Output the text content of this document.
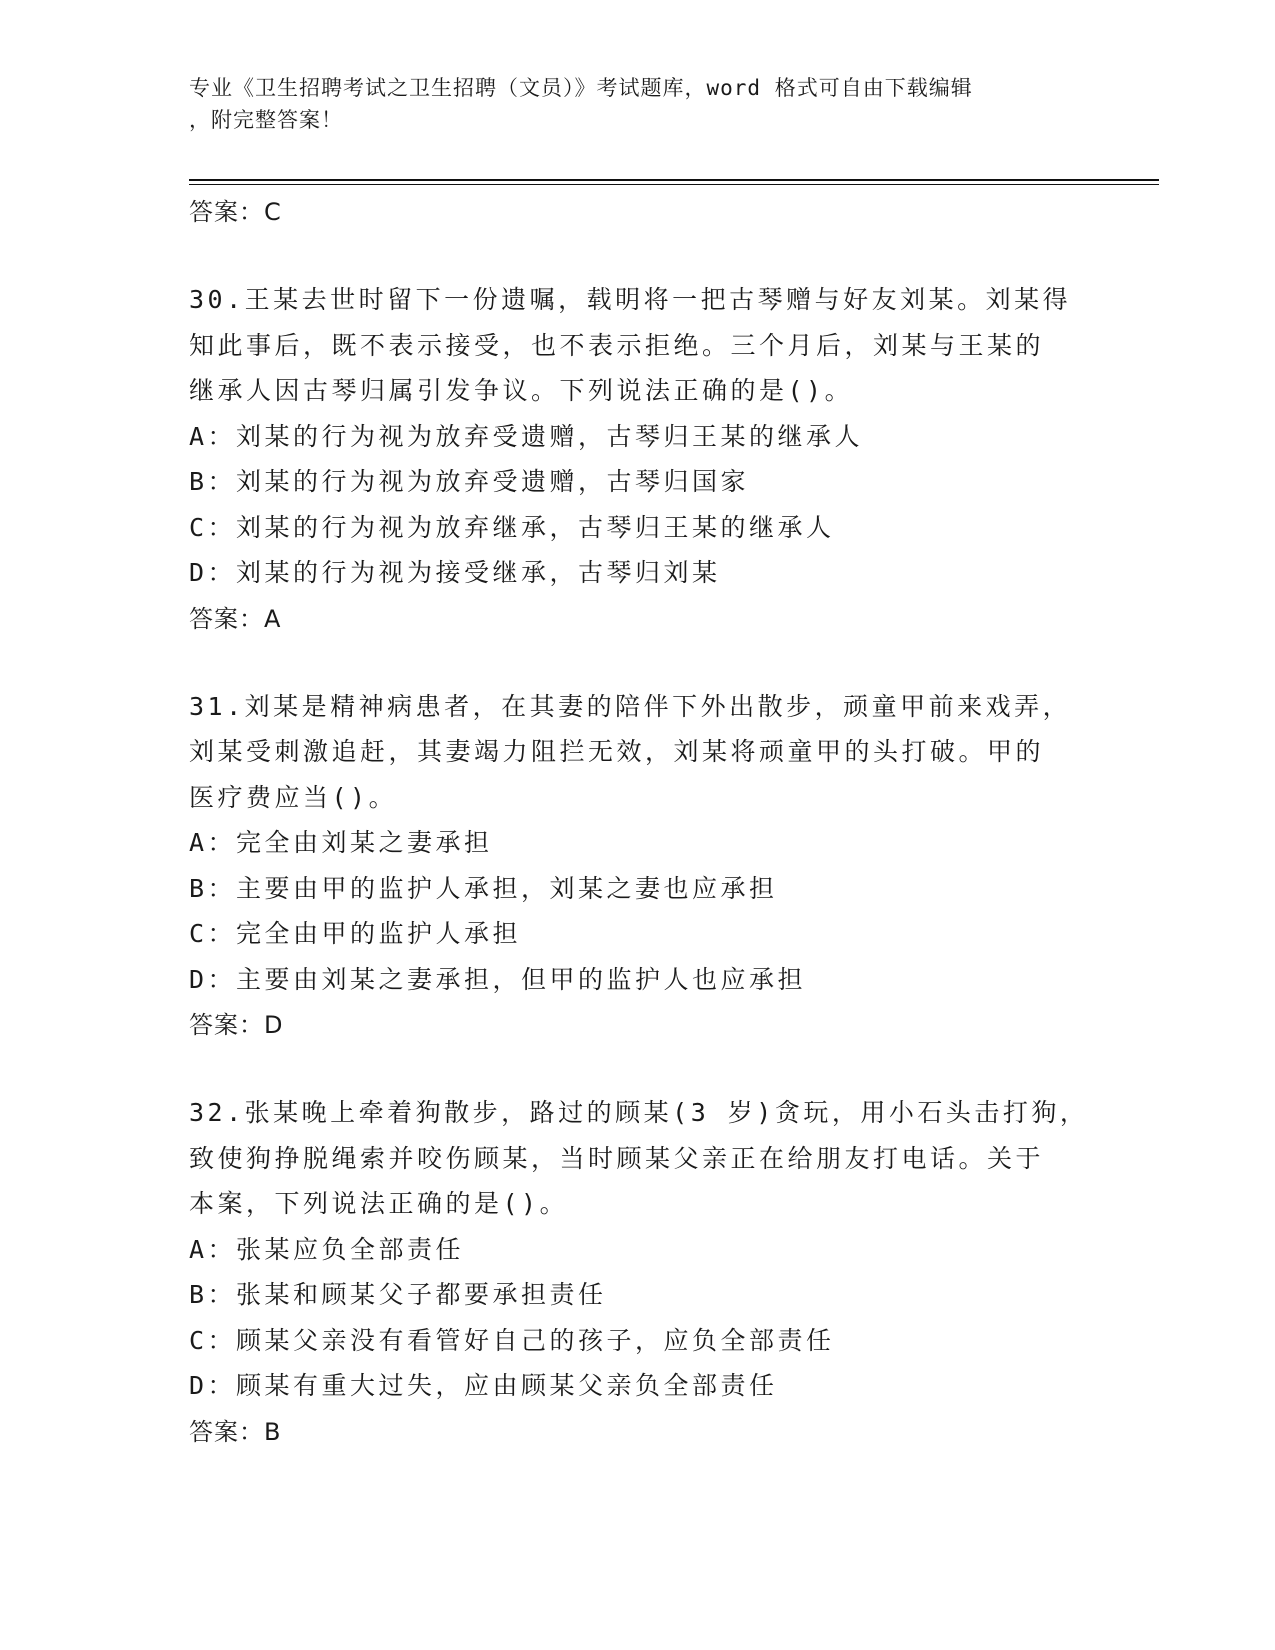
专业《卫生招聘考试之卫生招聘（文员）》考试题库，word 格式可自由下载编辑
，附完整答案！
答案：C
30.王某去世时留下一份遗嘱，载明将一把古琴赠与好友刘某。刘某得
知此事后，既不表示接受，也不表示拒绝。三个月后，刘某与王某的
继承人因古琴归属引发争议。下列说法正确的是()。
A：刘某的行为视为放弃受遗赠，古琴归王某的继承人
B：刘某的行为视为放弃受遗赠，古琴归国家
C：刘某的行为视为放弃继承，古琴归王某的继承人
D：刘某的行为视为接受继承，古琴归刘某
答案：A
31.刘某是精神病患者，在其妻的陪伴下外出散步，顽童甲前来戏弄，
刘某受刺激追赶，其妻竭力阻拦无效，刘某将顽童甲的头打破。甲的
医疗费应当()。
A：完全由刘某之妻承担
B：主要由甲的监护人承担，刘某之妻也应承担
C：完全由甲的监护人承担
D：主要由刘某之妻承担，但甲的监护人也应承担
答案：D
32.张某晚上牵着狗散步，路过的顾某(3 岁)贪玩，用小石头击打狗，
致使狗挣脱绳索并咬伤顾某，当时顾某父亲正在给朋友打电话。关于
本案，下列说法正确的是()。
A：张某应负全部责任
B：张某和顾某父子都要承担责任
C：顾某父亲没有看管好自己的孩子，应负全部责任
D：顾某有重大过失，应由顾某父亲负全部责任
答案：B
